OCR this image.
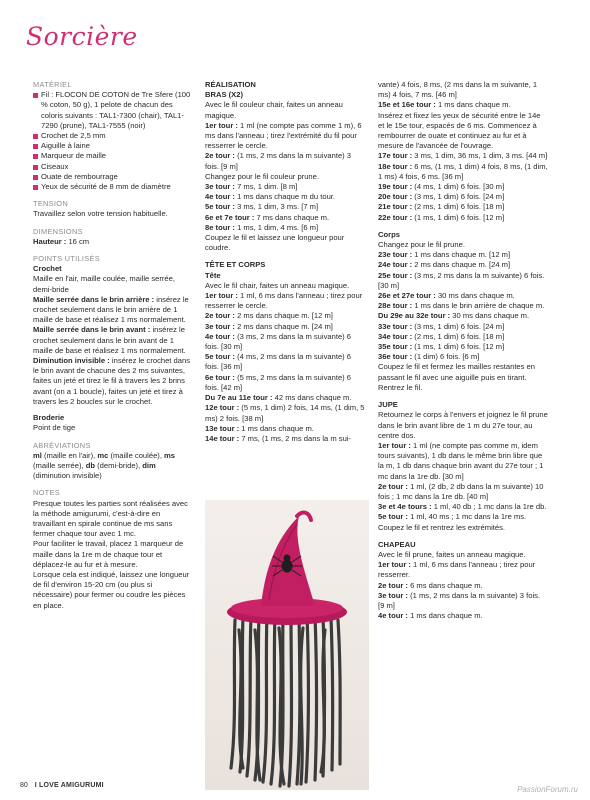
Sorcière
MATÉRIEL
Fil : FLOCON DE COTON de Tre Sfere (100 % coton, 50 g), 1 pelote de chacun des coloris suivants : TAL1-7300 (chair), TAL1-7290 (prune), TAL1-7555 (noir)
Crochet de 2,5 mm
Aiguille à laine
Marqueur de maille
Ciseaux
Ouate de rembourrage
Yeux de sécurité de 8 mm de diamètre
TENSION

Travaillez selon votre tension habituelle.

DIMENSIONS

Hauteur : 16 cm

POINTS UTILISÉS
Crochet

Maille en l'air, maille coulée, maille serrée, demi-bride

Maille serrée dans le brin arrière : insérez le crochet seulement dans le brin arrière de 1 maille de base et réalisez 1 ms normalement.

Maille serrée dans le brin avant : insérez le crochet seulement dans le brin avant de 1 maille de base et réalisez 1 ms normalement.

Diminution invisible : insérez le crochet dans le brin avant de chacune des 2 ms suivantes, faites un jeté et tirez le fil à travers les 2 brins avant (on a 1 boucle), faites un jeté et tirez à travers les 2 boucles sur le crochet.

Broderie

Point de tige

ABRÉVIATIONS

ml (maille en l'air), mc (maille coulée), ms (maille serrée), db (demi-bride), dim (diminution invisible)

NOTES

Presque toutes les parties sont réalisées avec la méthode amigurumi, c'est-à-dire en travaillant en spirale continue de ms sans fermer chaque tour avec 1 mc.

Pour faciliter le travail, placez 1 marqueur de maille dans la 1re m de chaque tour et déplacez-le au fur et à mesure.

Lorsque cela est indiqué, laissez une longueur de fil d'environ 15-20 cm (ou plus si nécessaire) pour fermer ou coudre les pièces en place.

RÉALISATION
BRAS (X2)

Avec le fil couleur chair, faites un anneau magique.

1er tour : 1 ml (ne compte pas comme 1 m), 6 ms dans l'anneau ; tirez l'extrémité du fil pour resserrer le cercle.

2e tour : (1 ms, 2 ms dans la m suivante) 3 fois. [9 m]

Changez pour le fil couleur prune.

3e tour : 7 ms, 1 dim. [8 m]

4e tour : 1 ms dans chaque m du tour.

5e tour : 3 ms, 1 dim, 3 ms. [7 m]

6e et 7e tour : 7 ms dans chaque m.

8e tour : 1 ms, 1 dim, 4 ms. [6 m]

Coupez le fil et laissez une longueur pour coudre.

TÊTE ET CORPS
Tête

Avec le fil chair, faites un anneau magique.

1er tour : 1 ml, 6 ms dans l'anneau ; tirez pour resserrer le cercle.

2e tour : 2 ms dans chaque m. [12 m]

3e tour : 2 ms dans chaque m. [24 m]

4e tour : (3 ms, 2 ms dans la m suivante) 6 fois. [30 m]

5e tour : (4 ms, 2 ms dans la m suivante) 6 fois. [36 m]

6e tour : (5 ms, 2 ms dans la m suivante) 6 fois. [42 m]

Du 7e au 11e tour : 42 ms dans chaque m.

12e tour : (5 ms, 1 dim) 2 fois, 14 ms, (1 dim, 5 ms) 2 fois. [38 m]

13e tour : 1 ms dans chaque m.

14e tour : 7 ms, (1 ms, 2 ms dans la m sui-

vante) 4 fois, 8 ms, (2 ms dans la m suivante, 1 ms) 4 fois, 7 ms. [46 m]

15e et 16e tour : 1 ms dans chaque m.

Insérez et fixez les yeux de sécurité entre le 14e et le 15e tour, espacés de 6 ms. Commencez à rembourrer de ouate et continuez au fur et à mesure de l'avancée de l'ouvrage.

17e tour : 3 ms, 1 dim, 36 ms, 1 dim, 3 ms. [44 m]

18e tour : 6 ms, (1 ms, 1 dim) 4 fois, 8 ms, (1 dim, 1 ms) 4 fois, 6 ms. [36 m]

19e tour : (4 ms, 1 dim) 6 fois. [30 m]

20e tour : (3 ms, 1 dim) 6 fois. [24 m]

21e tour : (2 ms, 1 dim) 6 fois. [18 m]

22e tour : (1 ms, 1 dim) 6 fois. [12 m]

Corps

Changez pour le fil prune.

23e tour : 1 ms dans chaque m. [12 m]

24e tour : 2 ms dans chaque m. [24 m]

25e tour : (3 ms, 2 ms dans la m suivante) 6 fois. [30 m]

26e et 27e tour : 30 ms dans chaque m.

28e tour : 1 ms dans le brin arrière de chaque m.

Du 29e au 32e tour : 30 ms dans chaque m.

33e tour : (3 ms, 1 dim) 6 fois. [24 m]

34e tour : (2 ms, 1 dim) 6 fois. [18 m]

35e tour : (1 ms, 1 dim) 6 fois. [12 m]

36e tour : (1 dim) 6 fois. [6 m]

Coupez le fil et fermez les mailles restantes en passant le fil avec une aiguille puis en tirant. Rentrez le fil.

JUPE

Retournez le corps à l'envers et joignez le fil prune dans le brin avant libre de 1 m du 27e tour, au centre dos.

1er tour : 1 ml (ne compte pas comme m, idem tours suivants), 1 db dans le même brin libre que la m, 1 db dans chaque brin avant du 27e tour ; 1 mc dans la 1re db. [30 m]

2e tour : 1 ml, (2 db, 2 db dans la m suivante) 10 fois ; 1 mc dans la 1re db. [40 m]

3e et 4e tours : 1 ml, 40 db ; 1 mc dans la 1re db.

5e tour : 1 ml, 40 ms ; 1 mc dans la 1re ms.

Coupez le fil et rentrez les extrémités.

CHAPEAU

Avec le fil prune, faites un anneau magique.

1er tour : 1 ml, 6 ms dans l'anneau ; tirez pour resserrer.

2e tour : 6 ms dans chaque m.

3e tour : (1 ms, 2 ms dans la m suivante) 3 fois. [9 m]

4e tour : 1 ms dans chaque m.

80 I LOVE AMIGURUMI	PassionForum.ru
